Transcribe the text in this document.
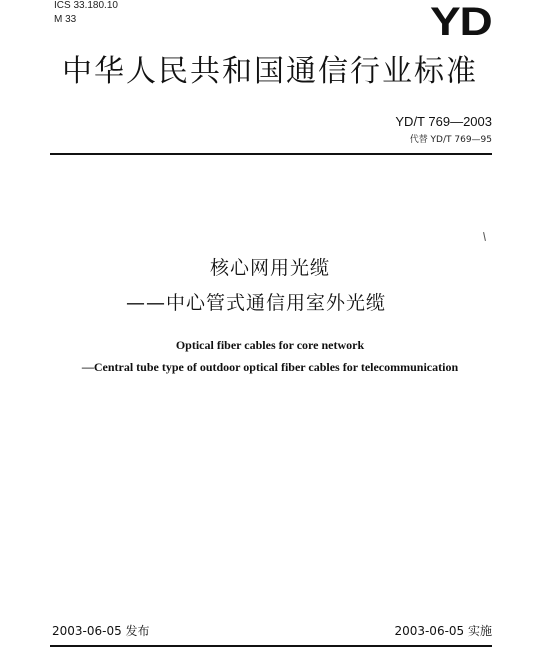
ICS 33.180.10
M 33	YD
中华人民共和国通信行业标准
YD/T 769—2003
代替 YD/T 769—95
核心网用光缆
——中心管式通信用室外光缆
Optical fiber cables for core network
—Central tube type of outdoor optical fiber cables for telecommunication
2003-06-05 发布	2003-06-05 实施
